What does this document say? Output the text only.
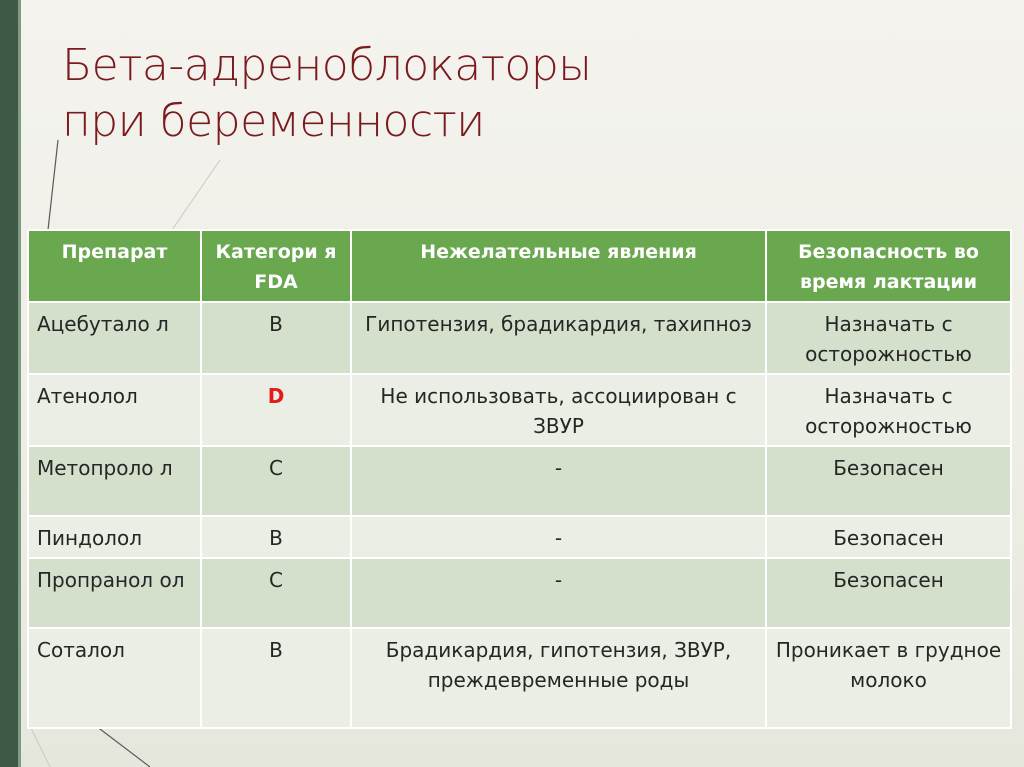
Бета-адреноблокаторы
при беременности
Препарат	Категори я FDA	Нежелательные явления	Безопасность во время лактации
Ацебутало л	B	Гипотензия, брадикардия, тахипноэ	Назначать с осторожностью
Атенолол	D	Не использовать, ассоциирован с ЗВУР	Назначать с осторожностью
Метопроло л	C	-	Безопасен
Пиндолол	B	-	Безопасен
Пропранол ол	C	-	Безопасен
Соталол	B	Брадикардия, гипотензия, ЗВУР, преждевременные роды	Проникает в грудное молоко
